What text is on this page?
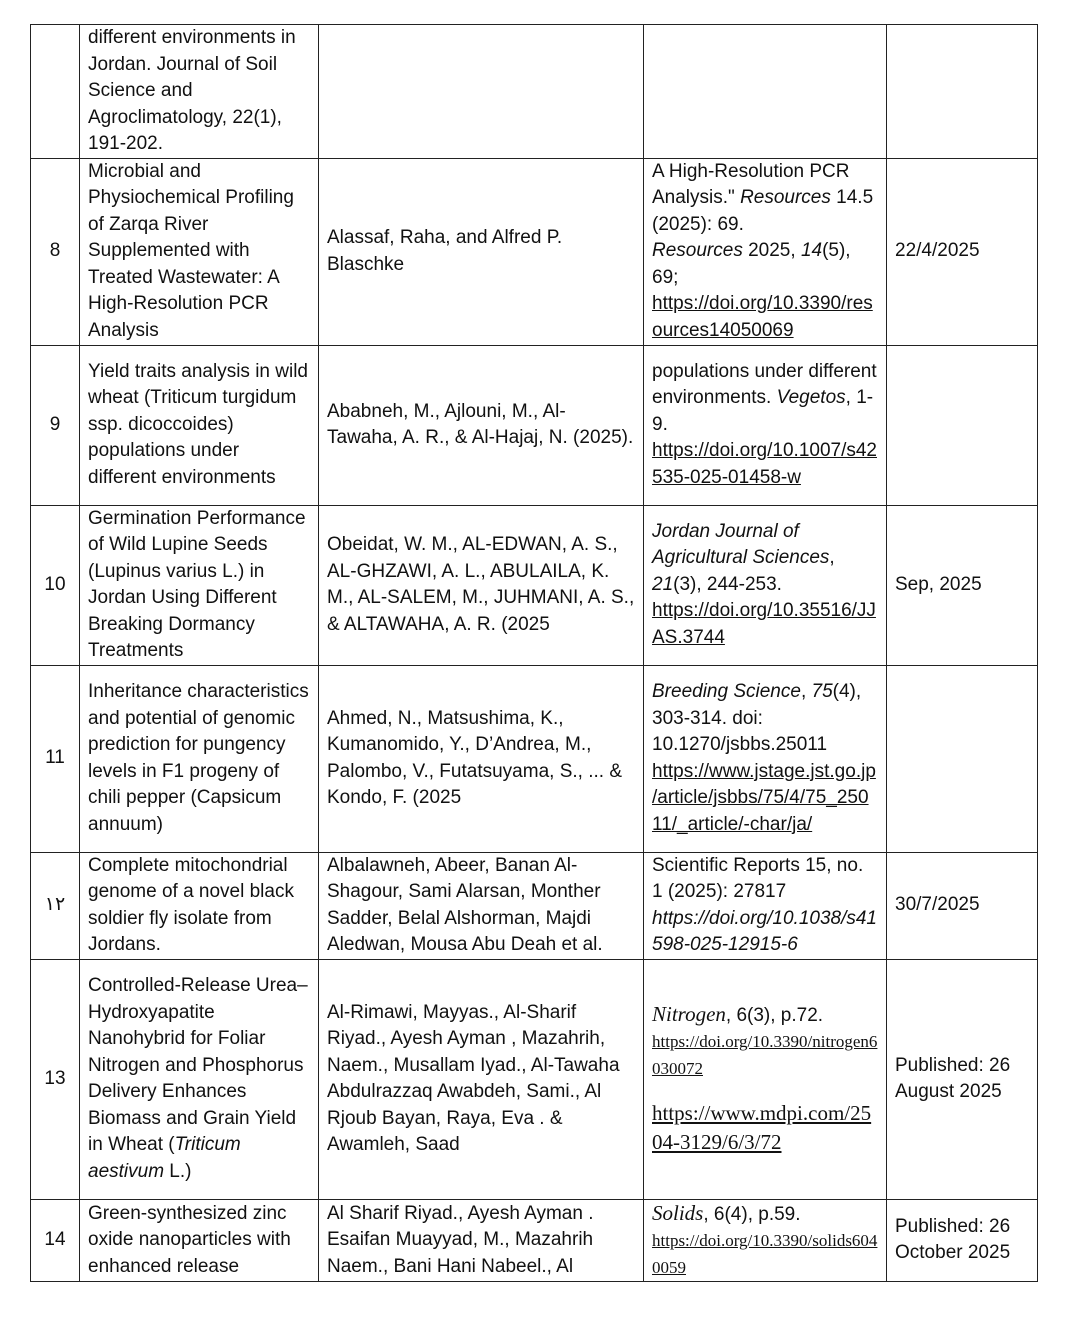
	different environments in Jordan. Journal of Soil Science and Agroclimatology, 22(1), 191-202.			
8	Microbial and Physiochemical Profiling of Zarqa River Supplemented with Treated Wastewater: A High-Resolution PCR Analysis	Alassaf, Raha, and Alfred P. Blaschke	A High-Resolution PCR Analysis." Resources 14.5 (2025): 69.
Resources 2025, 14(5), 69; https://doi.org/10.3390/resources14050069	22/4/2025
9	Yield traits analysis in wild wheat (Triticum turgidum ssp. dicoccoides) populations under different environments	Ababneh, M., Ajlouni, M., Al-Tawaha, A. R., & Al-Hajaj, N. (2025).	populations under different environments. Vegetos, 1-9.
https://doi.org/10.1007/s42535-025-01458-w	
10	Germination Performance of Wild Lupine Seeds (Lupinus varius L.) in Jordan Using Different Breaking Dormancy Treatments	Obeidat, W. M., AL-EDWAN, A. S., AL-GHZAWI, A. L., ABULAILA, K. M., AL-SALEM, M., JUHMANI, A. S., & ALTAWAHA, A. R. (2025	Jordan Journal of Agricultural Sciences, 21(3), 244-253. https://doi.org/10.35516/JJAS.3744	Sep, 2025
11	Inheritance characteristics and potential of genomic prediction for pungency levels in F1 progeny of chili pepper (Capsicum annuum)	Ahmed, N., Matsushima, K., Kumanomido, Y., D’Andrea, M., Palombo, V., Futatsuyama, S., ... & Kondo, F. (2025	Breeding Science, 75(4), 303-314. doi: 10.1270/jsbbs.25011 https://www.jstage.jst.go.jp/article/jsbbs/75/4/75_25011/_article/-char/ja/	
١٢	Complete mitochondrial genome of a novel black soldier fly isolate from Jordans.	Albalawneh, Abeer, Banan Al-Shagour, Sami Alarsan, Monther Sadder, Belal Alshorman, Majdi Aledwan, Mousa Abu Deah et al.	Scientific Reports 15, no. 1 (2025): 27817
https://doi.org/10.1038/s41598-025-12915-6	30/7/2025
13	Controlled-Release Urea–Hydroxyapatite Nanohybrid for Foliar Nitrogen and Phosphorus Delivery Enhances Biomass and Grain Yield in Wheat (Triticum aestivum L.)	Al-Rimawi, Mayyas., Al-Sharif Riyad., Ayesh Ayman , Mazahrih, Naem., Musallam Iyad., Al-Tawaha Abdulrazzaq Awabdeh, Sami., Al Rjoub Bayan, Raya, Eva . & Awamleh, Saad	Nitrogen, 6(3), p.72.
https://doi.org/10.3390/nitrogen6030072
https://www.mdpi.com/2504-3129/6/3/72	Published: 26 August 2025
14	Green-synthesized zinc oxide nanoparticles with enhanced release	Al Sharif Riyad., Ayesh Ayman . Esaifan Muayyad, M., Mazahrih Naem., Bani Hani Nabeel., Al	Solids, 6(4), p.59. https://doi.org/10.3390/solids6040059	Published: 26 October 2025
